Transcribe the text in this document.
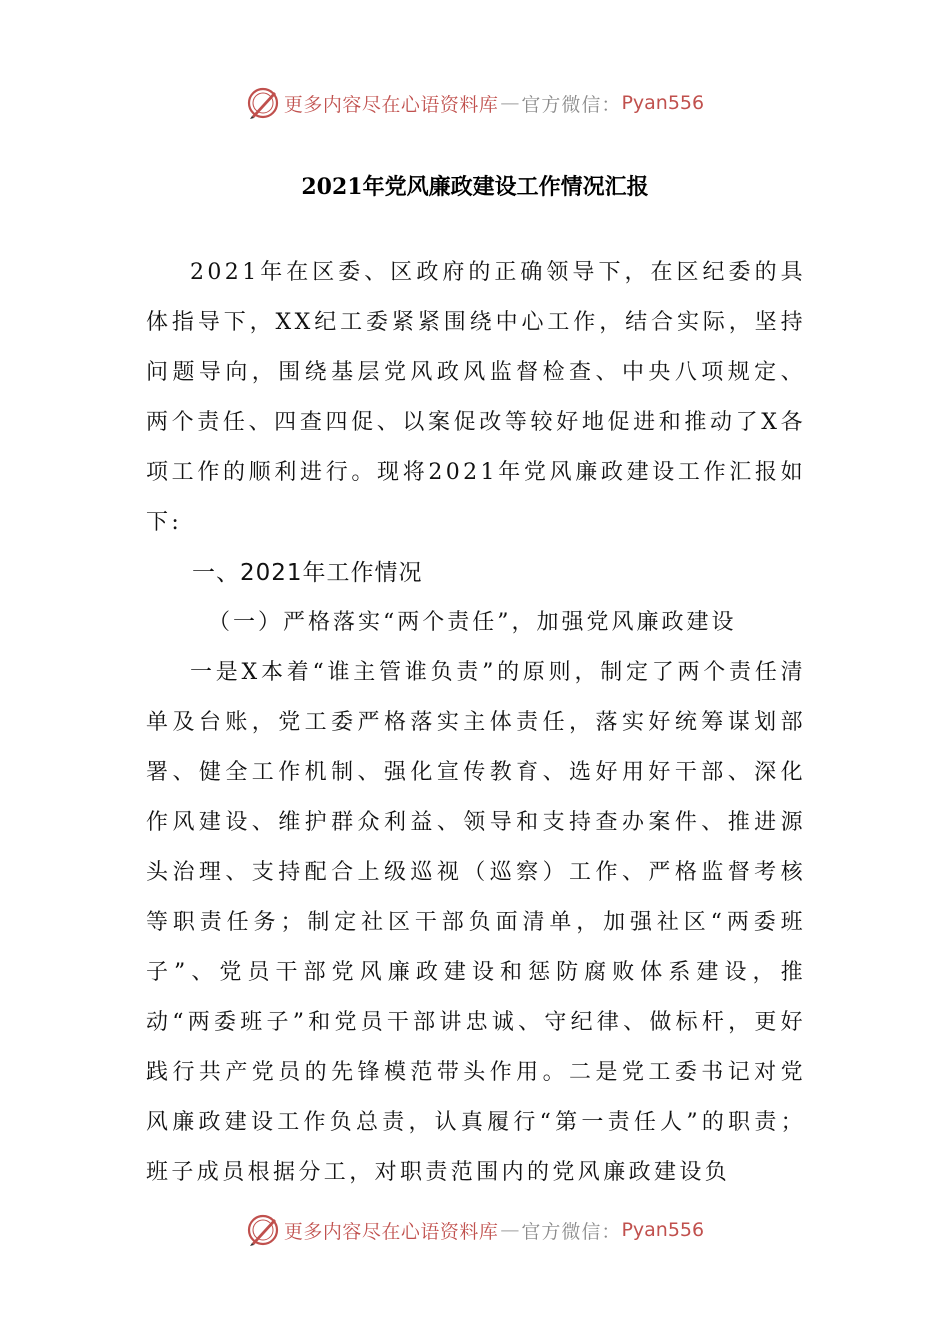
更多内容尽在心语资料库 — 官方微信： Pyan556
2021年党风廉政建设工作情况汇报

2021年在区委、区政府的正确领导下，在区纪委的具体指导下，XX纪工委紧紧围绕中心工作，结合实际，坚持问题导向，围绕基层党风政风监督检查、中央八项规定、两个责任、四查四促、以案促改等较好地促进和推动了X各项工作的顺利进行。现将2021年党风廉政建设工作汇报如下:

一、2021年工作情况
（一）严格落实“两个责任”，加强党风廉政建设

一是X本着“谁主管谁负责”的原则，制定了两个责任清单及台账，党工委严格落实主体责任，落实好统筹谋划部署、健全工作机制、强化宣传教育、选好用好干部、深化作风建设、维护群众利益、领导和支持查办案件、推进源头治理、支持配合上级巡视（巡察）工作、严格监督考核等职责任务；制定社区干部负面清单，加强社区“两委班子”、党员干部党风廉政建设和惩防腐败体系建设，推动“两委班子”和党员干部讲忠诚、守纪律、做标杆，更好践行共产党员的先锋模范带头作用。二是党工委书记对党风廉政建设工作负总责，认真履行“第一责任人”的职责；班子成员根据分工，对职责范围内的党风廉政建设负

更多内容尽在心语资料库 — 官方微信： Pyan556
